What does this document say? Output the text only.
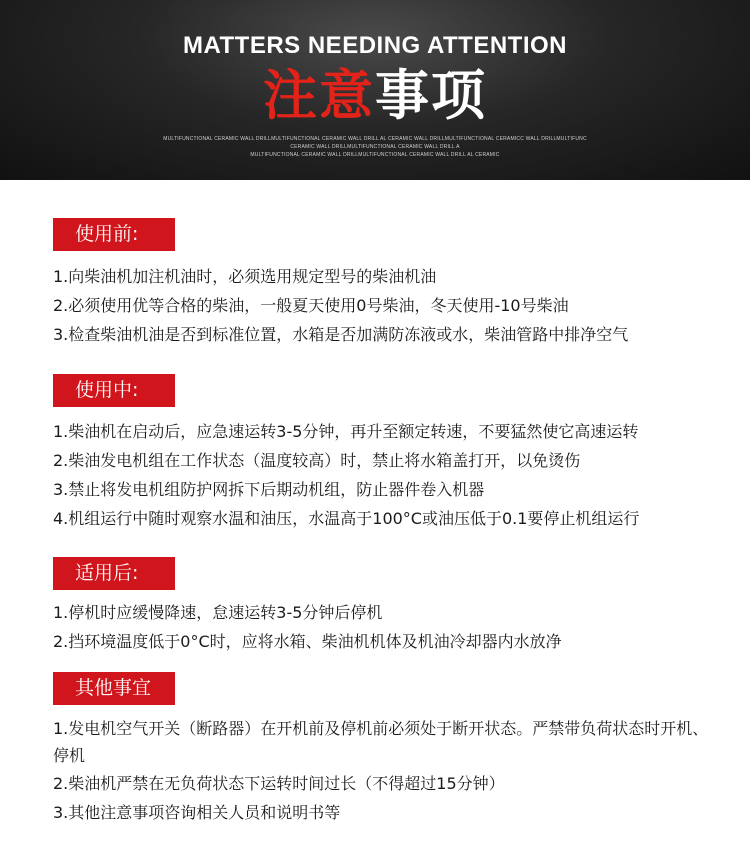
MATTERS NEEDING ATTENTION
注意事项
MULTIFUNCTIONAL CERAMIC WALL DRILLMULTIFUNCTIONAL CERAMIC WALL DRILL AL CERAMIC WALL DRILLMULTIFUNCTIONAL CERAMICC WALL DRILLMULTIFUNC
CERAMIC WALL DRILLMULTIFUNCTIONAL CERAMIC WALL DRILL A
MULTIFUNCTIONAL CERAMIC WALL DRILLMULTIFUNCTIONAL CERAMIC WALL DRILL AL CERAMIC
使用前:
1.向柴油机加注机油时，必须选用规定型号的柴油机油
2.必须使用优等合格的柴油，一般夏天使用0号柴油，冬天使用-10号柴油
3.检查柴油机油是否到标准位置，水箱是否加满防冻液或水，柴油管路中排净空气
使用中:
1.柴油机在启动后，应急速运转3-5分钟，再升至额定转速，不要猛然使它高速运转
2.柴油发电机组在工作状态（温度较高）时，禁止将水箱盖打开，以免烫伤
3.禁止将发电机组防护网拆下后期动机组，防止器件卷入机器
4.机组运行中随时观察水温和油压，水温高于100°C或油压低于0.1要停止机组运行
适用后:
1.停机时应缓慢降速，怠速运转3-5分钟后停机
2.挡环境温度低于0°C时，应将水箱、柴油机机体及机油冷却器内水放净
其他事宜
1.发电机空气开关（断路器）在开机前及停机前必须处于断开状态。严禁带负荷状态时开机、停机
2.柴油机严禁在无负荷状态下运转时间过长（不得超过15分钟）
3.其他注意事项咨询相关人员和说明书等
